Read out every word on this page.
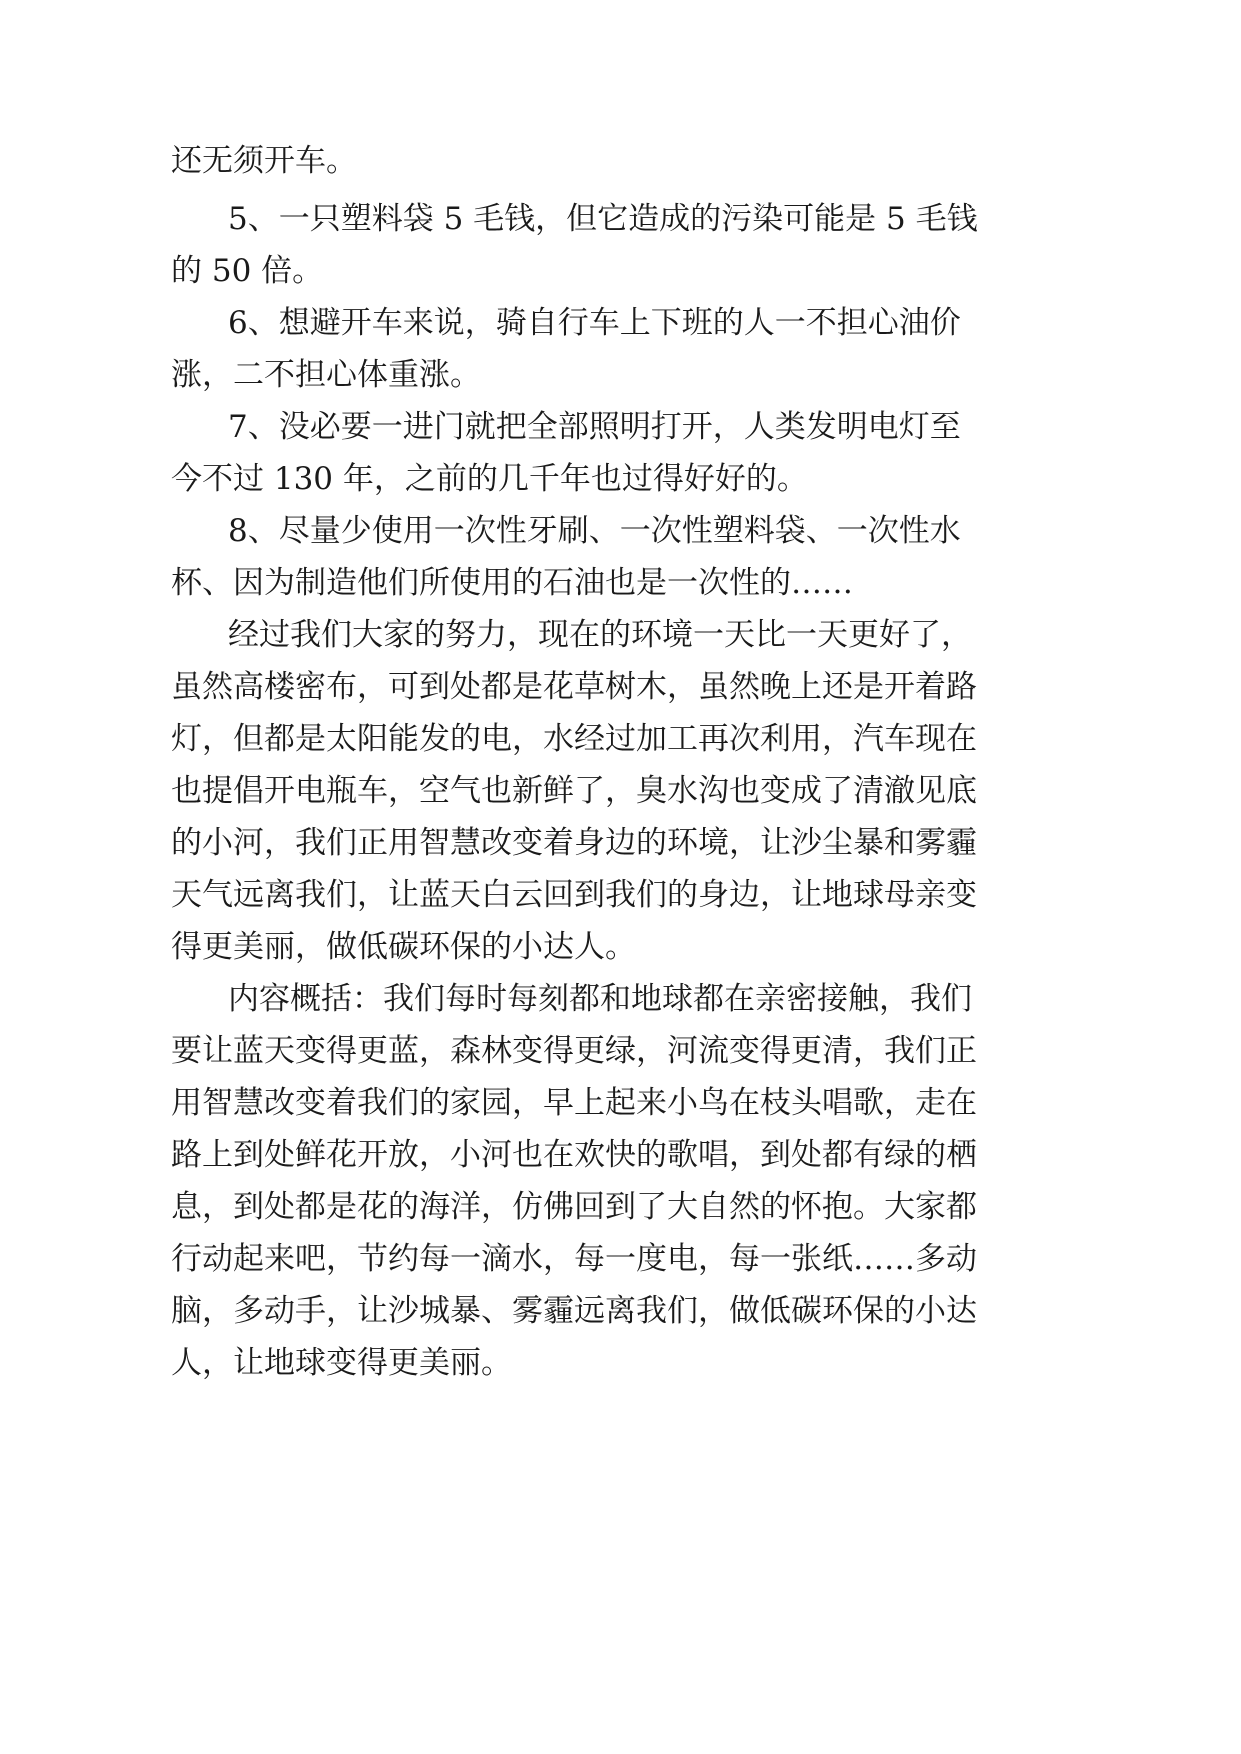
还无须开车。
5、一只塑料袋 5 毛钱，但它造成的污染可能是 5 毛钱
的 50 倍。
6、想避开车来说，骑自行车上下班的人一不担心油价
涨，二不担心体重涨。
7、没必要一进门就把全部照明打开，人类发明电灯至
今不过 130 年，之前的几千年也过得好好的。
8、尽量少使用一次性牙刷、一次性塑料袋、一次性水
杯、因为制造他们所使用的石油也是一次性的……
经过我们大家的努力，现在的环境一天比一天更好了，
虽然高楼密布，可到处都是花草树木，虽然晚上还是开着路
灯，但都是太阳能发的电，水经过加工再次利用，汽车现在
也提倡开电瓶车，空气也新鲜了，臭水沟也变成了清澈见底
的小河，我们正用智慧改变着身边的环境，让沙尘暴和雾霾
天气远离我们，让蓝天白云回到我们的身边，让地球母亲变
得更美丽，做低碳环保的小达人。
内容概括：我们每时每刻都和地球都在亲密接触，我们
要让蓝天变得更蓝，森林变得更绿，河流变得更清，我们正
用智慧改变着我们的家园，早上起来小鸟在枝头唱歌，走在
路上到处鲜花开放，小河也在欢快的歌唱，到处都有绿的栖
息，到处都是花的海洋，仿佛回到了大自然的怀抱。大家都
行动起来吧，节约每一滴水，每一度电，每一张纸……多动
脑，多动手，让沙城暴、雾霾远离我们，做低碳环保的小达
人，让地球变得更美丽。
